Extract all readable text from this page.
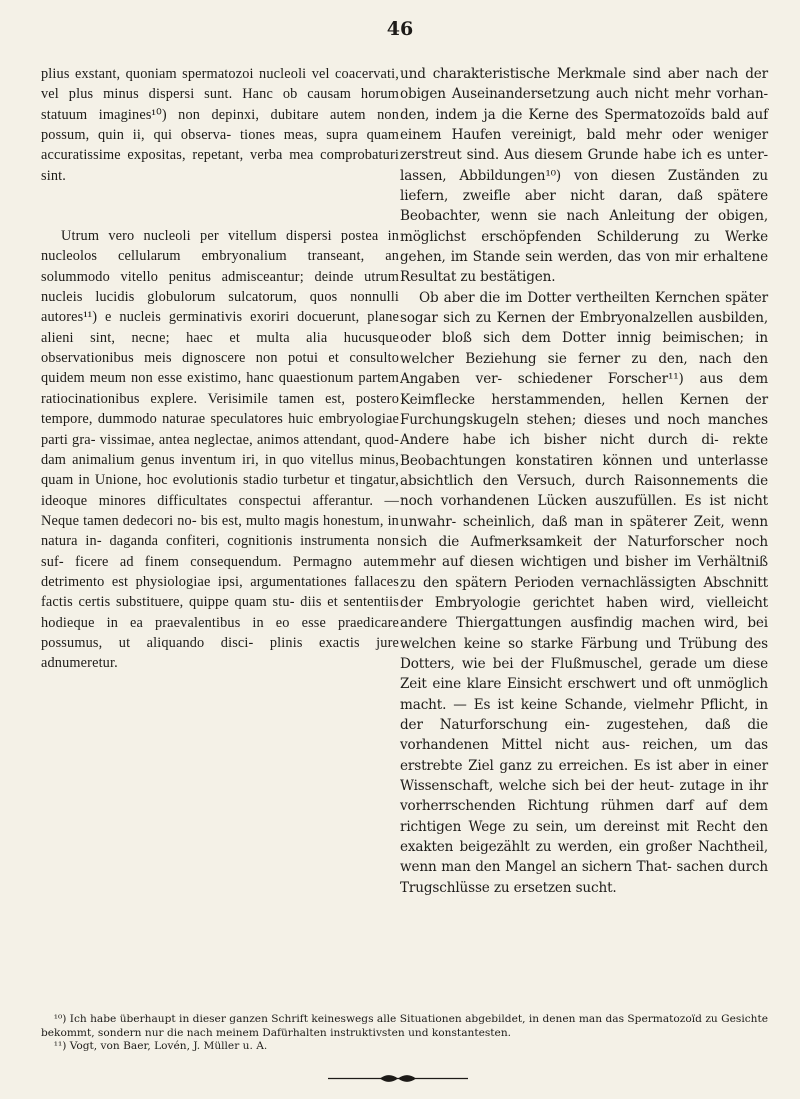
46

plius exstant, quoniam spermatozoi nucleoli vel coacervati, vel plus minus dispersi sunt. Hanc ob causam horum statuum imagines¹⁰) non depinxi, dubitare autem non possum, quin ii, qui observa- tiones meas, supra quam accuratissime expositas, repetant, verba mea comprobaturi sint.

Utrum vero nucleoli per vitellum dispersi postea in nucleolos cellularum embryonalium transeant, an solummodo vitello penitus admisceantur; deinde utrum nucleis lucidis globulorum sulcatorum, quos nonnulli autores¹¹) e nucleis germinativis exoriri docuerunt, plane alieni sint, necne; haec et multa alia hucusque observationibus meis dignoscere non potui et consulto quidem meum non esse existimo, hanc quaestionum partem ratiocinationibus explere. Verisimile tamen est, postero tempore, dummodo naturae speculatores huic embryologiae parti gra- vissimae, antea neglectae, animos attendant, quod- dam animalium genus inventum iri, in quo vitellus minus, quam in Unione, hoc evolutionis stadio turbetur et tingatur, ideoque minores difficultates conspectui afferantur. — Neque tamen dedecori no- bis est, multo magis honestum, in natura in- daganda confiteri, cognitionis instrumenta non suf- ficere ad finem consequendum. Permagno autem detrimento est physiologiae ipsi, argumentationes fallaces factis certis substituere, quippe quam stu- diis et sententiis hodieque in ea praevalentibus in eo esse praedicare possumus, ut aliquando disci- plinis exactis jure adnumeretur.

und charakteristische Merkmale sind aber nach der obigen Auseinandersetzung auch nicht mehr vorhan- den, indem ja die Kerne des Spermatozoïds bald auf einem Haufen vereinigt, bald mehr oder weniger zerstreut sind. Aus diesem Grunde habe ich es unter- lassen, Abbildungen¹⁰) von diesen Zuständen zu liefern, zweifle aber nicht daran, daß spätere Beobachter, wenn sie nach Anleitung der obigen, möglichst erschöpfenden Schilderung zu Werke gehen, im Stande sein werden, das von mir erhaltene Resultat zu bestätigen.

Ob aber die im Dotter vertheilten Kernchen später sogar sich zu Kernen der Embryonalzellen ausbilden, oder bloß sich dem Dotter innig beimischen; in welcher Beziehung sie ferner zu den, nach den Angaben ver- schiedener Forscher¹¹) aus dem Keimflecke herstammenden, hellen Kernen der Furchungskugeln stehen; dieses und noch manches Andere habe ich bisher nicht durch di- rekte Beobachtungen konstatiren können und unterlasse absichtlich den Versuch, durch Raisonnements die noch vorhandenen Lücken auszufüllen. Es ist nicht unwahr- scheinlich, daß man in späterer Zeit, wenn sich die Aufmerksamkeit der Naturforscher noch mehr auf diesen wichtigen und bisher im Verhältniß zu den spätern Perioden vernachlässigten Abschnitt der Embryologie gerichtet haben wird, vielleicht andere Thiergattungen ausfindig machen wird, bei welchen keine so starke Färbung und Trübung des Dotters, wie bei der Flußmuschel, gerade um diese Zeit eine klare Einsicht erschwert und oft unmöglich macht. — Es ist keine Schande, vielmehr Pflicht, in der Naturforschung ein- zugestehen, daß die vorhandenen Mittel nicht aus- reichen, um das erstrebte Ziel ganz zu erreichen. Es ist aber in einer Wissenschaft, welche sich bei der heut- zutage in ihr vorherrschenden Richtung rühmen darf auf dem richtigen Wege zu sein, um dereinst mit Recht den exakten beigezählt zu werden, ein großer Nachtheil, wenn man den Mangel an sichern That- sachen durch Trugschlüsse zu ersetzen sucht.

¹⁰) Ich habe überhaupt in dieser ganzen Schrift keineswegs alle Situationen abgebildet, in denen man das Spermatozoïd zu Gesichte bekommt, sondern nur die nach meinem Dafürhalten instruktivsten und konstantesten.

¹¹) Vogt, von Baer, Lovén, J. Müller u. A.
